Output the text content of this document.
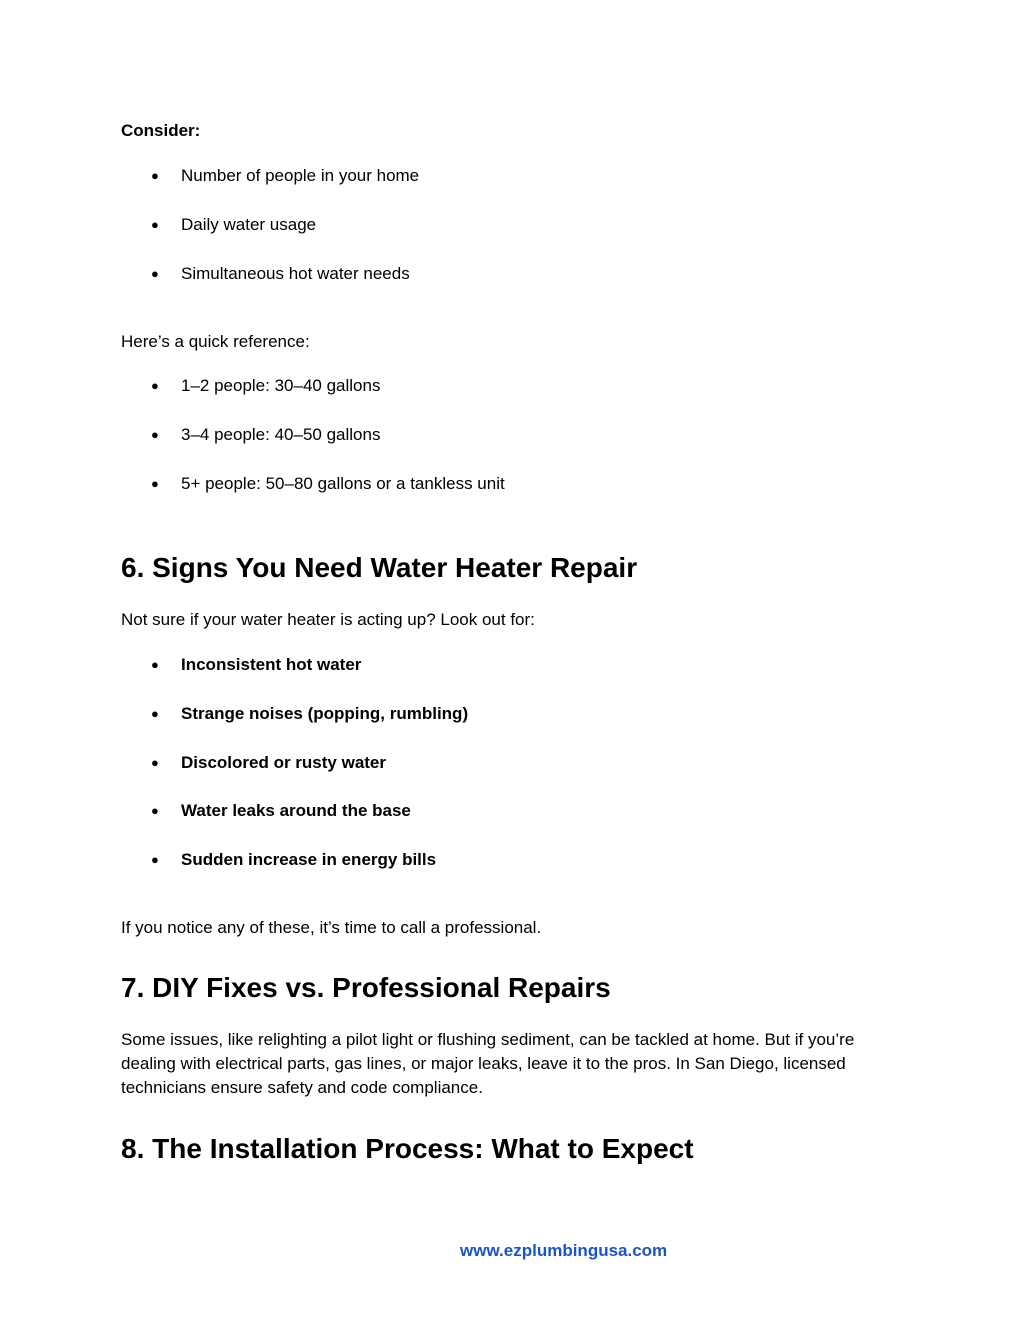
Consider:

● Number of people in your home
● Daily water usage
● Simultaneous hot water needs

Here’s a quick reference:

● 1–2 people: 30–40 gallons
● 3–4 people: 40–50 gallons
● 5+ people: 50–80 gallons or a tankless unit
6. Signs You Need Water Heater Repair

Not sure if your water heater is acting up? Look out for:

● Inconsistent hot water
● Strange noises (popping, rumbling)
● Discolored or rusty water
● Water leaks around the base
● Sudden increase in energy bills

If you notice any of these, it’s time to call a professional.

7. DIY Fixes vs. Professional Repairs

Some issues, like relighting a pilot light or flushing sediment, can be tackled at home. But if you’re dealing with electrical parts, gas lines, or major leaks, leave it to the pros. In San Diego, licensed technicians ensure safety and code compliance.

8. The Installation Process: What to Expect
www.ezplumbingusa.com
